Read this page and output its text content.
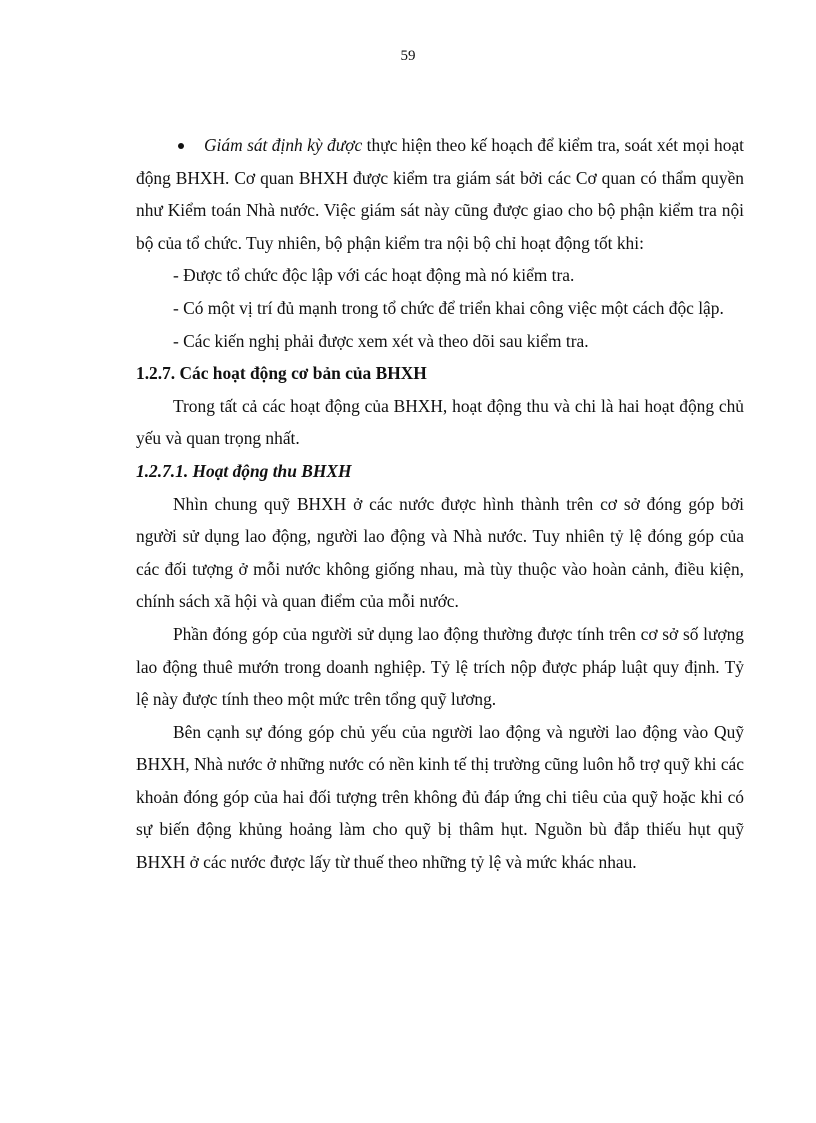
59

Giám sát định kỳ được thực hiện theo kế hoạch để kiểm tra, soát xét mọi hoạt động BHXH. Cơ quan BHXH được kiểm tra giám sát bởi các Cơ quan có thẩm quyền như Kiểm toán Nhà nước. Việc giám sát này cũng được giao cho bộ phận kiểm tra nội bộ của tổ chức. Tuy nhiên, bộ phận kiểm tra nội bộ chỉ hoạt động tốt khi:

- Được tổ chức độc lập với các hoạt động mà nó kiểm tra.

- Có một vị trí đủ mạnh trong tổ chức để triển khai công việc một cách độc lập.

- Các kiến nghị phải được xem xét và theo dõi sau kiểm tra.

1.2.7. Các hoạt động cơ bản của BHXH

Trong tất cả các hoạt động của BHXH, hoạt động thu và chi là hai hoạt động chủ yếu và quan trọng nhất.

1.2.7.1. Hoạt động thu BHXH

Nhìn chung quỹ BHXH ở các nước được hình thành trên cơ sở đóng góp bởi người sử dụng lao động, người lao động và Nhà nước. Tuy nhiên tỷ lệ đóng góp của các đối tượng ở mỗi nước không giống nhau, mà tùy thuộc vào hoàn cảnh, điều kiện, chính sách xã hội và quan điểm của mỗi nước.

Phần đóng góp của người sử dụng lao động thường được tính trên cơ sở số lượng lao động thuê mướn trong doanh nghiệp. Tỷ lệ trích nộp được pháp luật quy định. Tỷ lệ này được tính theo một mức trên tổng quỹ lương.

Bên cạnh sự đóng góp chủ yếu của người lao động và người lao động vào Quỹ BHXH, Nhà nước ở những nước có nền kinh tế thị trường cũng luôn hỗ trợ quỹ khi các khoản đóng góp của hai đối tượng trên không đủ đáp ứng chi tiêu của quỹ hoặc khi có sự biến động khủng hoảng làm cho quỹ bị thâm hụt. Nguồn bù đắp thiếu hụt quỹ BHXH ở các nước được lấy từ thuế theo những tỷ lệ và mức khác nhau.
